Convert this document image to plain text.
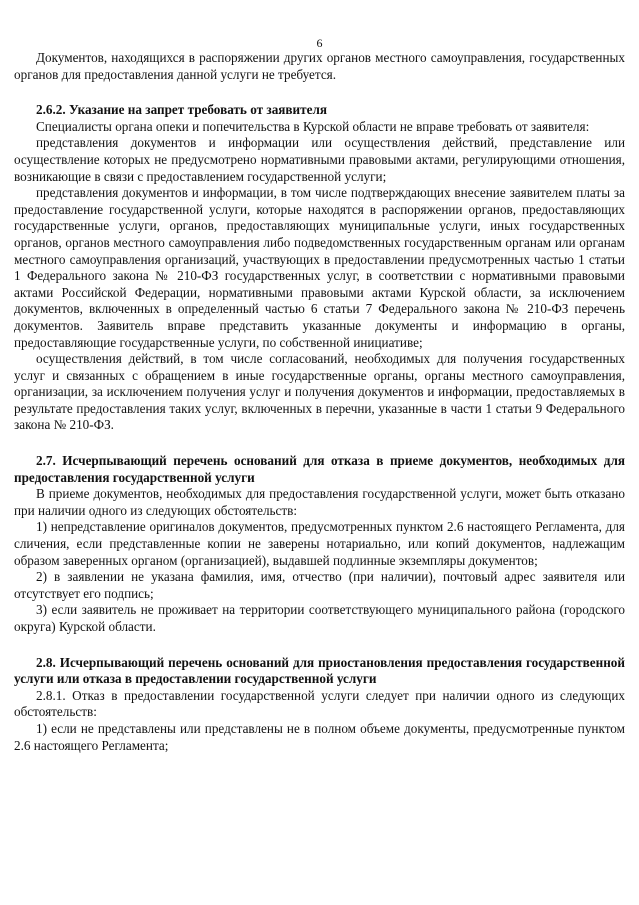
6

Документов, находящихся в распоряжении других органов местного самоуправления, государственных органов для предоставления данной услуги не требуется.

2.6.2. Указание на запрет требовать от заявителя

Специалисты органа опеки и попечительства в Курской области не вправе требовать от заявителя:

представления документов и информации или осуществления действий, представление или осуществление которых не предусмотрено нормативными правовыми актами, регулирующими отношения, возникающие в связи с предоставлением государственной услуги;

представления документов и информации, в том числе подтверждающих внесение заявителем платы за предоставление государственной услуги, которые находятся в распоряжении органов, предоставляющих государственные услуги, органов, предоставляющих муниципальные услуги, иных государственных органов, органов местного самоуправления либо подведомственных государственным органам или органам местного самоуправления организаций, участвующих в предоставлении предусмотренных частью 1 статьи 1 Федерального закона № 210-ФЗ государственных услуг, в соответствии с нормативными правовыми актами Российской Федерации, нормативными правовыми актами Курской области, за исключением документов, включенных в определенный частью 6 статьи 7 Федерального закона № 210-ФЗ перечень документов. Заявитель вправе представить указанные документы и информацию в органы, предоставляющие государственные услуги, по собственной инициативе;

осуществления действий, в том числе согласований, необходимых для получения государственных услуг и связанных с обращением в иные государственные органы, органы местного самоуправления, организации, за исключением получения услуг и получения документов и информации, предоставляемых в результате предоставления таких услуг, включенных в перечни, указанные в части 1 статьи 9 Федерального закона № 210-ФЗ.

2.7. Исчерпывающий перечень оснований для отказа в приеме документов, необходимых для предоставления государственной услуги

В приеме документов, необходимых для предоставления государственной услуги, может быть отказано при наличии одного из следующих обстоятельств:

1) непредставление оригиналов документов, предусмотренных пунктом 2.6 настоящего Регламента, для сличения, если представленные копии не заверены нотариально, или копий документов, надлежащим образом заверенных органом (организацией), выдавшей подлинные экземпляры документов;

2) в заявлении не указана фамилия, имя, отчество (при наличии), почтовый адрес заявителя или отсутствует его подпись;

3) если заявитель не проживает на территории соответствующего муниципального района (городского округа) Курской области.

2.8. Исчерпывающий перечень оснований для приостановления предоставления государственной услуги или отказа в предоставлении государственной услуги

2.8.1. Отказ в предоставлении государственной услуги следует при наличии одного из следующих обстоятельств:

1) если не представлены или представлены не в полном объеме документы, предусмотренные пунктом 2.6 настоящего Регламента;
